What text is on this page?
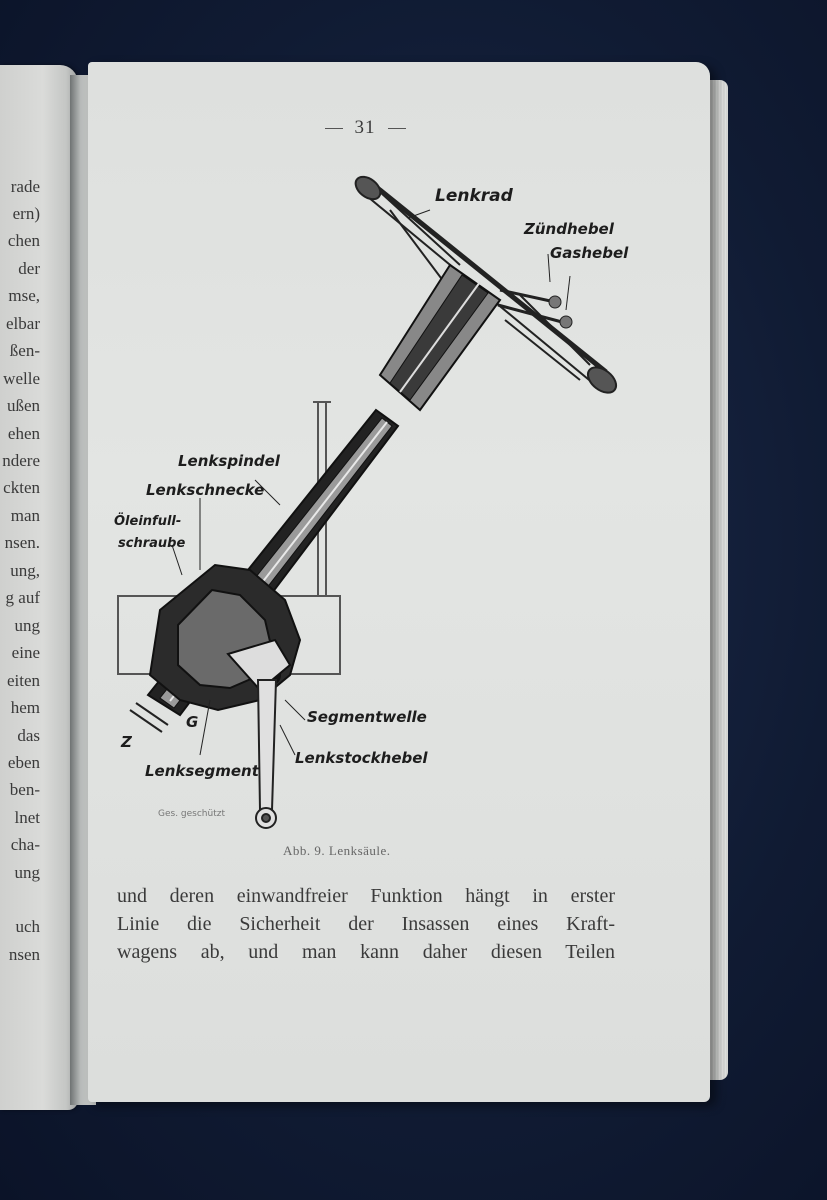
rade
ern)
chen
der
mse,
elbar
ßen-
welle
ußen
ehen
ndere
ckten
man
nsen.
ung,
g auf
ung
eine
eiten
hem
das
eben
ben-
lnet
cha-
ung
uch
nsen
31
Lenkrad
Zündhebel
Gashebel
Lenkspindel
Lenkschnecke
Öleinfull-
schraube
Segmentwelle
Lenkstockhebel
Lenksegment
Z
G
Ges. geschützt
Abb. 9. Lenksäule.
und deren einwandfreier Funktion hängt in erster
Linie die Sicherheit der Insassen eines Kraft-
wagens ab, und man kann daher diesen Teilen
